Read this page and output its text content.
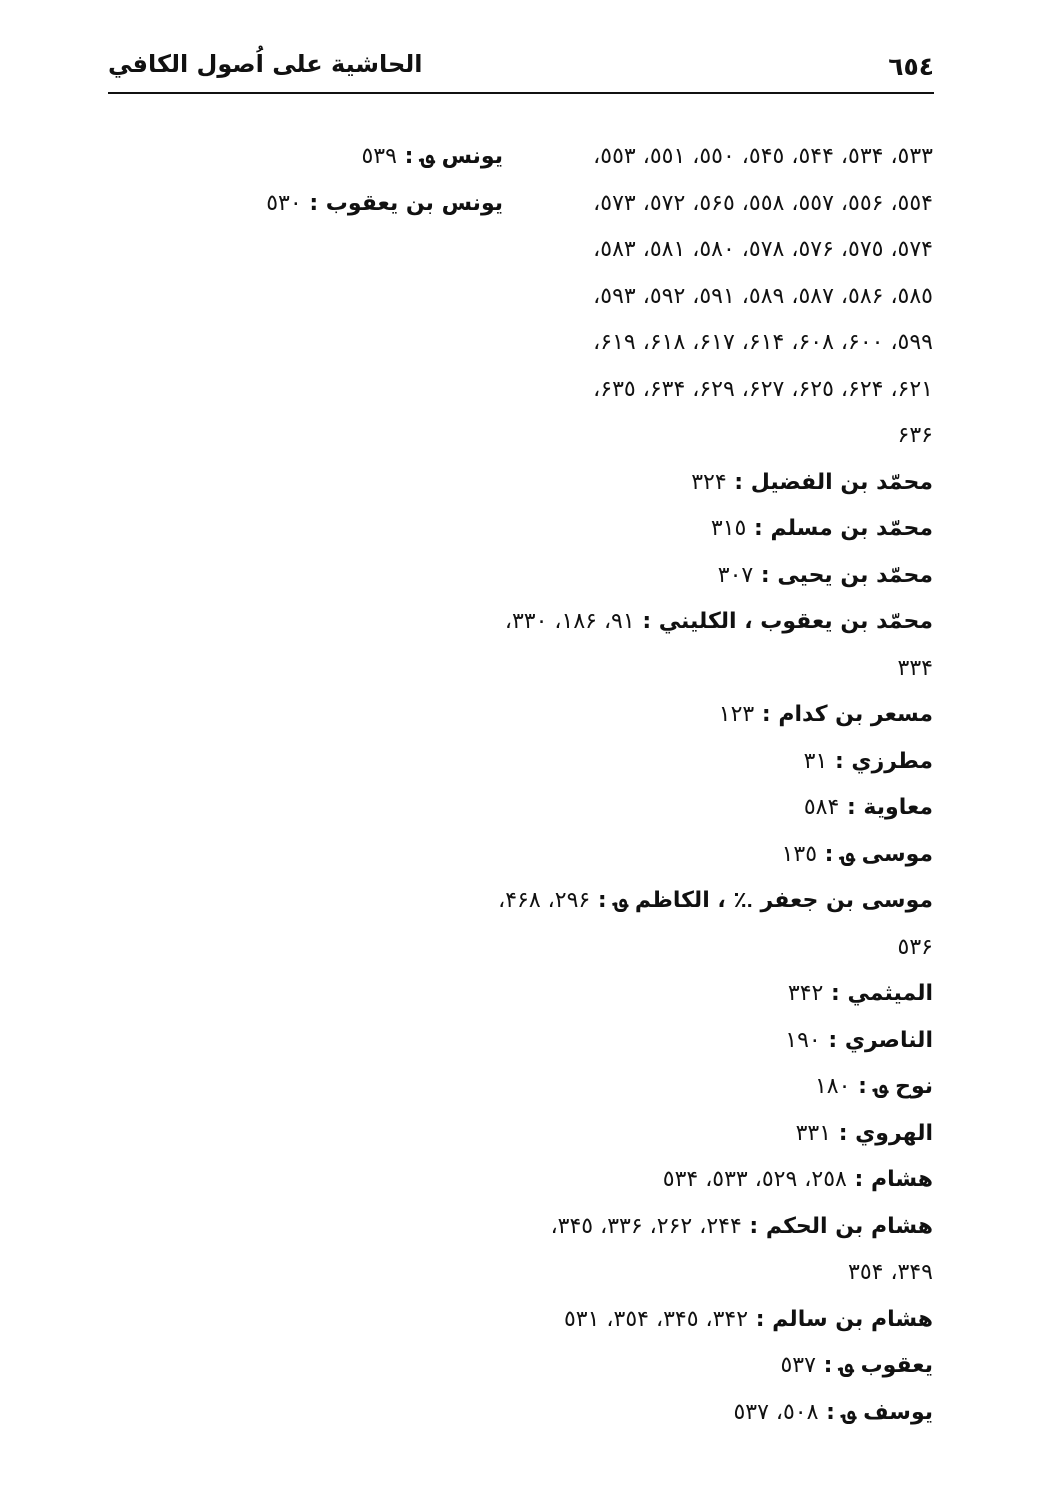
الحاشية على اُصول الكافي	٦٥٤
٥٣٣، ٥٣۴، ٥۴۴، ٥۴٥، ٥٥٠، ٥٥١، ٥٥٣،
٥٥۴، ٥٥۶، ٥٥٧، ٥٥٨، ٥۶٥، ٥٧٢، ٥٧٣،
٥٧۴، ٥٧٥، ٥٧۶، ٥٧٨، ٥٨٠، ٥٨١، ٥٨٣،
٥٨٥، ٥٨۶، ٥٨٧، ٥٨٩، ٥٩١، ٥٩٢، ٥٩٣،
٥٩٩، ۶٠٠، ۶٠٨، ۶١۴، ۶١٧، ۶١٨، ۶١٩،
۶٢١، ۶٢۴، ۶٢٥، ۶٢٧، ۶٢٩، ۶٣۴، ۶٣٥،
۶٣۶
محمّد بن الفضيل : ٣٢۴
محمّد بن مسلم : ٣١٥
محمّد بن يحيى : ٣٠٧
محمّد بن يعقوب ، الكليني : ٩١، ١٨۶، ٣٣٠،
٣٣۴
مسعر بن كدام : ١٢٣
مطرزي : ٣١
معاوية : ٥٨۴
موسى ؈ : ١٣٥
موسى بن جعفر ؉ ، الكاظم ؈ : ٢٩۶، ۴۶٨،
٥٣۶
الميثمي : ٣۴٢
الناصري : ١٩٠
نوح ؈ : ١٨٠
الهروي : ٣٣١
هشام : ٢٥٨، ٥٢٩، ٥٣٣، ٥٣۴
هشام بن الحكم : ٢۴۴، ٢۶٢، ٣٣۶، ٣۴٥،
٣۴٩، ٣٥۴
هشام بن سالم : ٣۴٢، ٣۴٥، ٣٥۴، ٥٣١
يعقوب ؈ : ٥٣٧
يوسف ؈ : ٥٠٨، ٥٣٧
يونس ؈ : ٥٣٩
يونس بن يعقوب : ٥٣٠
